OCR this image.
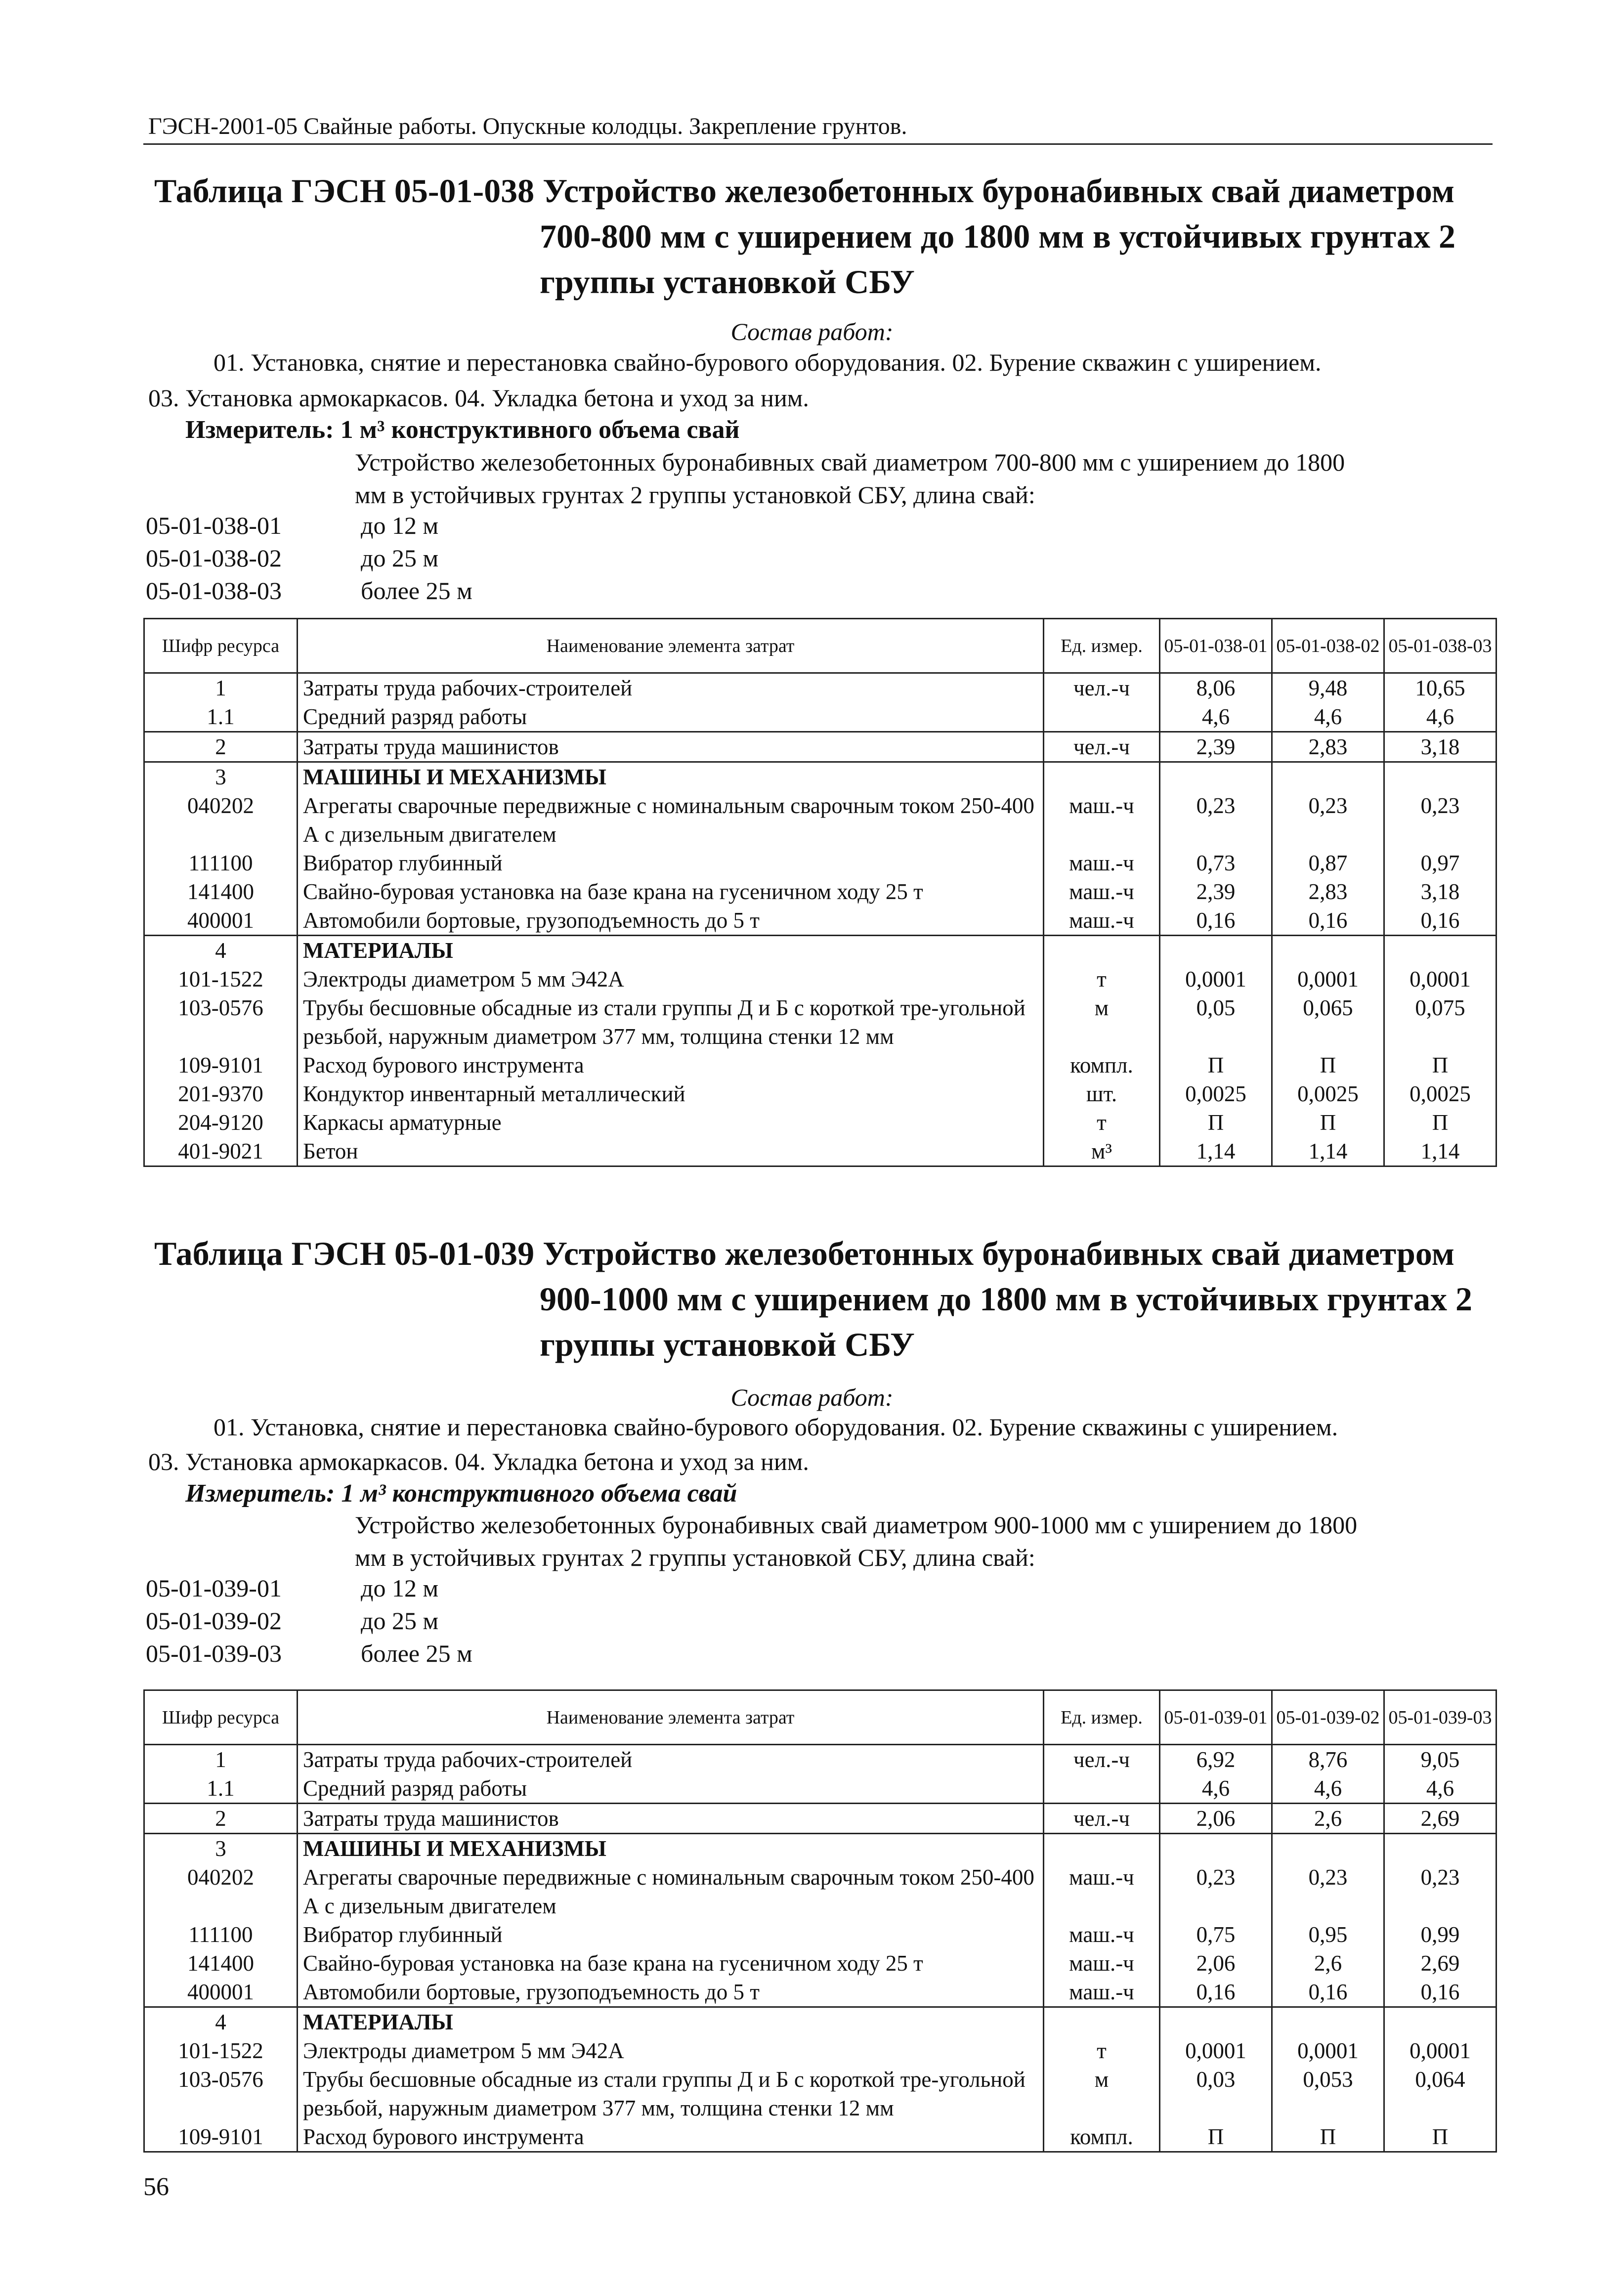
ГЭСН-2001-05 Свайные работы. Опускные колодцы. Закрепление грунтов.
Таблица ГЭСН 05-01-038 Устройство железобетонных буронабивных свай диаметром
700-800 мм с уширением до 1800 мм в устойчивых грунтах 2
группы установкой СБУ
Состав работ:
01. Установка, снятие и перестановка свайно-бурового оборудования. 02. Бурение скважин с уширением.
03. Установка армокаркасов. 04. Укладка бетона и уход за ним.
Измеритель: 1 м³ конструктивного объема свай
Устройство железобетонных буронабивных свай диаметром 700-800 мм с уширением до 1800
мм в устойчивых грунтах 2 группы установкой СБУ, длина свай:
05-01-038-01	до 12 м
05-01-038-02	до 25 м
05-01-038-03	более 25 м
Шифр ресурса	Наименование элемента затрат	Ед. измер.	05-01-038-01	05-01-038-02	05-01-038-03
1	Затраты труда рабочих-строителей	чел.-ч	8,06	9,48	10,65
1.1	Средний разряд работы		4,6	4,6	4,6
2	Затраты труда машинистов	чел.-ч	2,39	2,83	3,18
3	МАШИНЫ И МЕХАНИЗМЫ				
040202	Агрегаты сварочные передвижные с номинальным сварочным током 250-400 А с дизельным двигателем	маш.-ч	0,23	0,23	0,23
111100	Вибратор глубинный	маш.-ч	0,73	0,87	0,97
141400	Свайно-буровая установка на базе крана на гусеничном ходу 25 т	маш.-ч	2,39	2,83	3,18
400001	Автомобили бортовые, грузоподъемность до 5 т	маш.-ч	0,16	0,16	0,16
4	МАТЕРИАЛЫ				
101-1522	Электроды диаметром 5 мм Э42А	т	0,0001	0,0001	0,0001
103-0576	Трубы бесшовные обсадные из стали группы Д и Б с короткой тре-угольной резьбой, наружным диаметром 377 мм, толщина стенки 12 мм	м	0,05	0,065	0,075
109-9101	Расход бурового инструмента	компл.	П	П	П
201-9370	Кондуктор инвентарный металлический	шт.	0,0025	0,0025	0,0025
204-9120	Каркасы арматурные	т	П	П	П
401-9021	Бетон	м³	1,14	1,14	1,14
Таблица ГЭСН 05-01-039 Устройство железобетонных буронабивных свай диаметром
900-1000 мм с уширением до 1800 мм в устойчивых грунтах 2
группы установкой СБУ
Состав работ:
01. Установка, снятие и перестановка свайно-бурового оборудования. 02. Бурение скважины с уширением.
03. Установка армокаркасов. 04. Укладка бетона и уход за ним.
Измеритель: 1 м³ конструктивного объема свай
Устройство железобетонных буронабивных свай диаметром 900-1000 мм с уширением до 1800
мм в устойчивых грунтах 2 группы установкой СБУ, длина свай:
05-01-039-01	до 12 м
05-01-039-02	до 25 м
05-01-039-03	более 25 м
Шифр ресурса	Наименование элемента затрат	Ед. измер.	05-01-039-01	05-01-039-02	05-01-039-03
1	Затраты труда рабочих-строителей	чел.-ч	6,92	8,76	9,05
1.1	Средний разряд работы		4,6	4,6	4,6
2	Затраты труда машинистов	чел.-ч	2,06	2,6	2,69
3	МАШИНЫ И МЕХАНИЗМЫ				
040202	Агрегаты сварочные передвижные с номинальным сварочным током 250-400 А с дизельным двигателем	маш.-ч	0,23	0,23	0,23
111100	Вибратор глубинный	маш.-ч	0,75	0,95	0,99
141400	Свайно-буровая установка на базе крана на гусеничном ходу 25 т	маш.-ч	2,06	2,6	2,69
400001	Автомобили бортовые, грузоподъемность до 5 т	маш.-ч	0,16	0,16	0,16
4	МАТЕРИАЛЫ				
101-1522	Электроды диаметром 5 мм Э42А	т	0,0001	0,0001	0,0001
103-0576	Трубы бесшовные обсадные из стали группы Д и Б с короткой тре-угольной резьбой, наружным диаметром 377 мм, толщина стенки 12 мм	м	0,03	0,053	0,064
109-9101	Расход бурового инструмента	компл.	П	П	П
56
